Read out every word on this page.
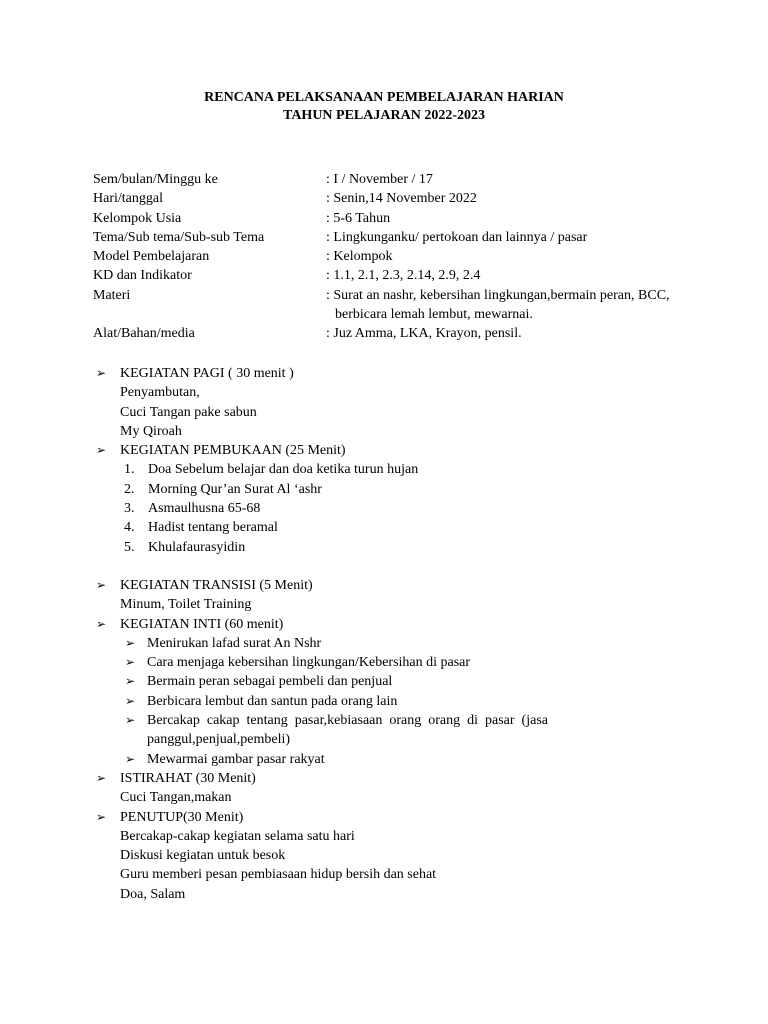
RENCANA PELAKSANAAN PEMBELAJARAN HARIAN
TAHUN PELAJARAN 2022-2023
Sem/bulan/Minggu ke	: I / November / 17
Hari/tanggal	: Senin,14 November 2022
Kelompok Usia	: 5-6 Tahun
Tema/Sub tema/Sub-sub Tema	: Lingkunganku/ pertokoan dan lainnya / pasar
Model Pembelajaran	: Kelompok
KD dan Indikator	: 1.1, 2.1, 2.3, 2.14, 2.9, 2.4
Materi	: Surat an nashr, kebersihan lingkungan,bermain peran, BCC, berbicara lemah lembut, mewarnai.
Alat/Bahan/media	: Juz Amma, LKA, Krayon, pensil.
➢ KEGIATAN PAGI ( 30 menit )
Penyambutan,
Cuci Tangan pake sabun
My Qiroah
➢ KEGIATAN PEMBUKAAN (25 Menit)
1. Doa Sebelum belajar dan doa ketika turun hujan
2. Morning Qur’an Surat Al ‘ashr
3. Asmaulhusna 65-68
4. Hadist tentang beramal
5. Khulafaurasyidin
➢ KEGIATAN TRANSISI (5 Menit)
Minum, Toilet Training
➢ KEGIATAN INTI (60 menit)
➢ Menirukan lafad surat An Nshr
➢ Cara menjaga kebersihan lingkungan/Kebersihan di pasar
➢ Bermain peran sebagai pembeli dan penjual
➢ Berbicara lembut dan santun pada orang lain
➢ Bercakap  cakap  tentang  pasar,kebiasaan  orang  orang  di  pasar  (jasa
panggul,penjual,pembeli)
➢ Mewarmai gambar pasar rakyat
➢ ISTIRAHAT (30 Menit)
Cuci Tangan,makan
➢ PENUTUP(30 Menit)
Bercakap-cakap kegiatan selama satu hari
Diskusi kegiatan untuk besok
Guru memberi pesan pembiasaan hidup bersih dan sehat
Doa, Salam
